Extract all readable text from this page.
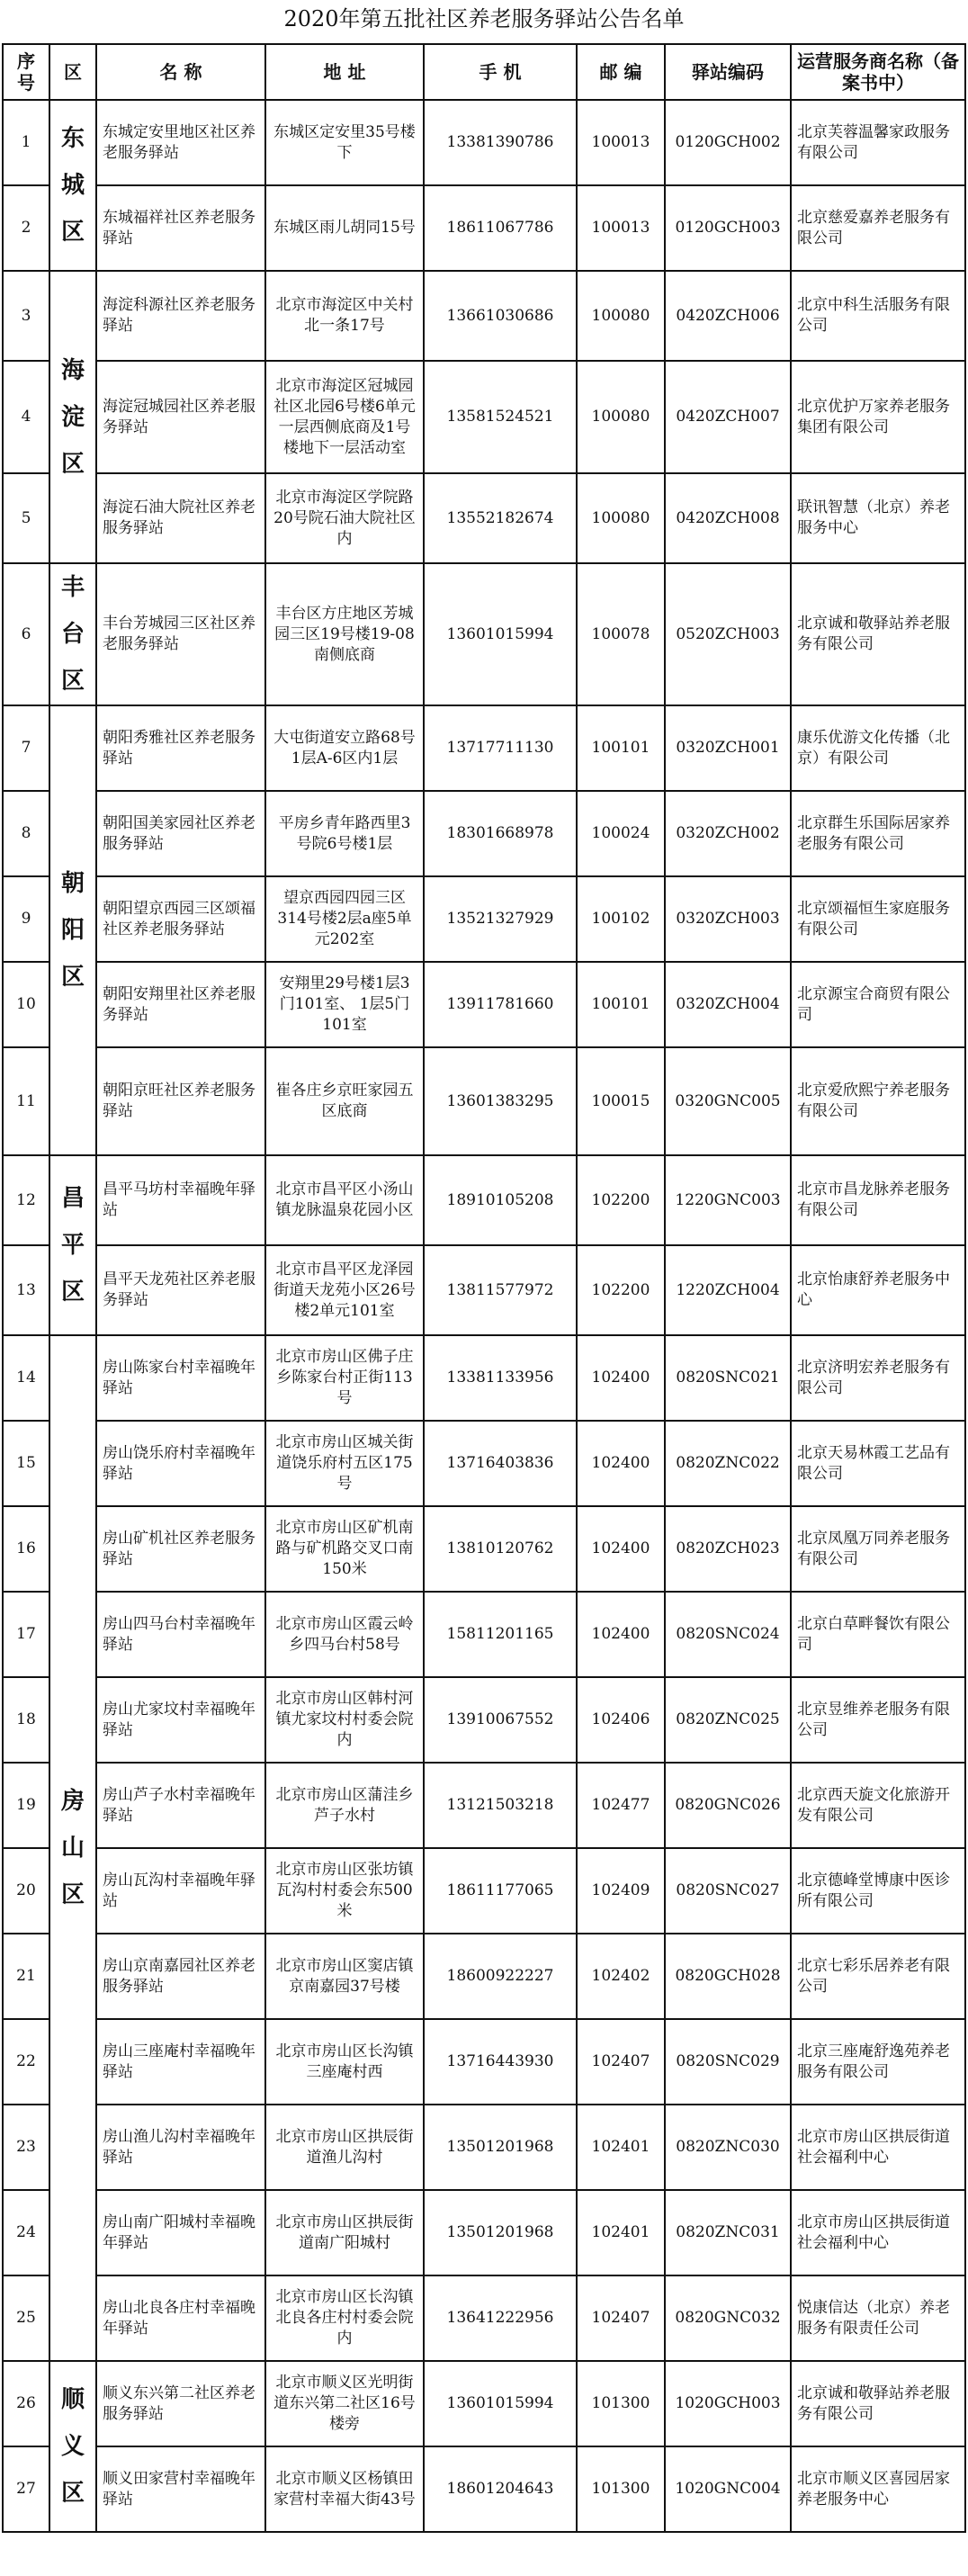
2020年第五批社区养老服务驿站公告名单
序号	区	名 称	地 址	手 机	邮 编	驿站编码	运营服务商名称（备案书中）
1	东城区	东城定安里地区社区养老服务驿站	东城区定安里35号楼下	13381390786	100013	0120GCH002	北京芙蓉温馨家政服务有限公司
2		东城福祥社区养老服务驿站	东城区雨儿胡同15号	18611067786	100013	0120GCH003	北京慈爱嘉养老服务有限公司
3	海淀区	海淀科源社区养老服务驿站	北京市海淀区中关村北一条17号	13661030686	100080	0420ZCH006	北京中科生活服务有限公司
4		海淀冠城园社区养老服务驿站	北京市海淀区冠城园社区北园6号楼6单元一层西侧底商及1号楼地下一层活动室	13581524521	100080	0420ZCH007	北京优护万家养老服务集团有限公司
5		海淀石油大院社区养老服务驿站	北京市海淀区学院路20号院石油大院社区内	13552182674	100080	0420ZCH008	联讯智慧（北京）养老服务中心
6	丰台区	丰台芳城园三区社区养老服务驿站	丰台区方庄地区芳城园三区19号楼19-08南侧底商	13601015994	100078	0520ZCH003	北京诚和敬驿站养老服务有限公司
7	朝阳区	朝阳秀雅社区养老服务驿站	大屯街道安立路68号1层A-6区内1层	13717711130	100101	0320ZCH001	康乐优游文化传播（北京）有限公司
8		朝阳国美家园社区养老服务驿站	平房乡青年路西里3号院6号楼1层	18301668978	100024	0320ZCH002	北京群生乐国际居家养老服务有限公司
9		朝阳望京西园三区颂福社区养老服务驿站	望京西园四园三区314号楼2层a座5单元202室	13521327929	100102	0320ZCH003	北京颂福恒生家庭服务有限公司
10		朝阳安翔里社区养老服务驿站	安翔里29号楼1层3门101室、 1层5门101室	13911781660	100101	0320ZCH004	北京源宝合商贸有限公司
11		朝阳京旺社区养老服务驿站	崔各庄乡京旺家园五区底商	13601383295	100015	0320GNC005	北京爱欣熙宁养老服务有限公司
12	昌平区	昌平马坊村幸福晚年驿站	北京市昌平区小汤山镇龙脉温泉花园小区	18910105208	102200	1220GNC003	北京市昌龙脉养老服务有限公司
13		昌平天龙苑社区养老服务驿站	北京市昌平区龙泽园街道天龙苑小区26号楼2单元101室	13811577972	102200	1220ZCH004	北京怡康舒养老服务中心
14	房山区	房山陈家台村幸福晚年驿站	北京市房山区佛子庄乡陈家台村正街113号	13381133956	102400	0820SNC021	北京济明宏养老服务有限公司
15		房山饶乐府村幸福晚年驿站	北京市房山区城关街道饶乐府村五区175号	13716403836	102400	0820ZNC022	北京天易林霞工艺品有限公司
16		房山矿机社区养老服务驿站	北京市房山区矿机南路与矿机路交叉口南150米	13810120762	102400	0820ZCH023	北京凤凰万同养老服务有限公司
17		房山四马台村幸福晚年驿站	北京市房山区霞云岭乡四马台村58号	15811201165	102400	0820SNC024	北京白草畔餐饮有限公司
18		房山尤家坟村幸福晚年驿站	北京市房山区韩村河镇尤家坟村村委会院内	13910067552	102406	0820ZNC025	北京昱维养老服务有限公司
19		房山芦子水村幸福晚年驿站	北京市房山区蒲洼乡芦子水村	13121503218	102477	0820GNC026	北京西天旋文化旅游开发有限公司
20		房山瓦沟村幸福晚年驿站	北京市房山区张坊镇瓦沟村村委会东500米	18611177065	102409	0820SNC027	北京德峰堂博康中医诊所有限公司
21		房山京南嘉园社区养老服务驿站	北京市房山区窦店镇京南嘉园37号楼	18600922227	102402	0820GCH028	北京七彩乐居养老有限公司
22		房山三座庵村幸福晚年驿站	北京市房山区长沟镇三座庵村西	13716443930	102407	0820SNC029	北京三座庵舒逸苑养老服务有限公司
23		房山渔儿沟村幸福晚年驿站	北京市房山区拱辰街道渔儿沟村	13501201968	102401	0820ZNC030	北京市房山区拱辰街道社会福利中心
24		房山南广阳城村幸福晚年驿站	北京市房山区拱辰街道南广阳城村	13501201968	102401	0820ZNC031	北京市房山区拱辰街道社会福利中心
25		房山北良各庄村幸福晚年驿站	北京市房山区长沟镇北良各庄村村委会院内	13641222956	102407	0820GNC032	悦康信达（北京）养老服务有限责任公司
26	顺义区	顺义东兴第二社区养老服务驿站	北京市顺义区光明街道东兴第二社区16号楼旁	13601015994	101300	1020GCH003	北京诚和敬驿站养老服务有限公司
27		顺义田家营村幸福晚年驿站	北京市顺义区杨镇田家营村幸福大街43号	18601204643	101300	1020GNC004	北京市顺义区喜园居家养老服务中心
